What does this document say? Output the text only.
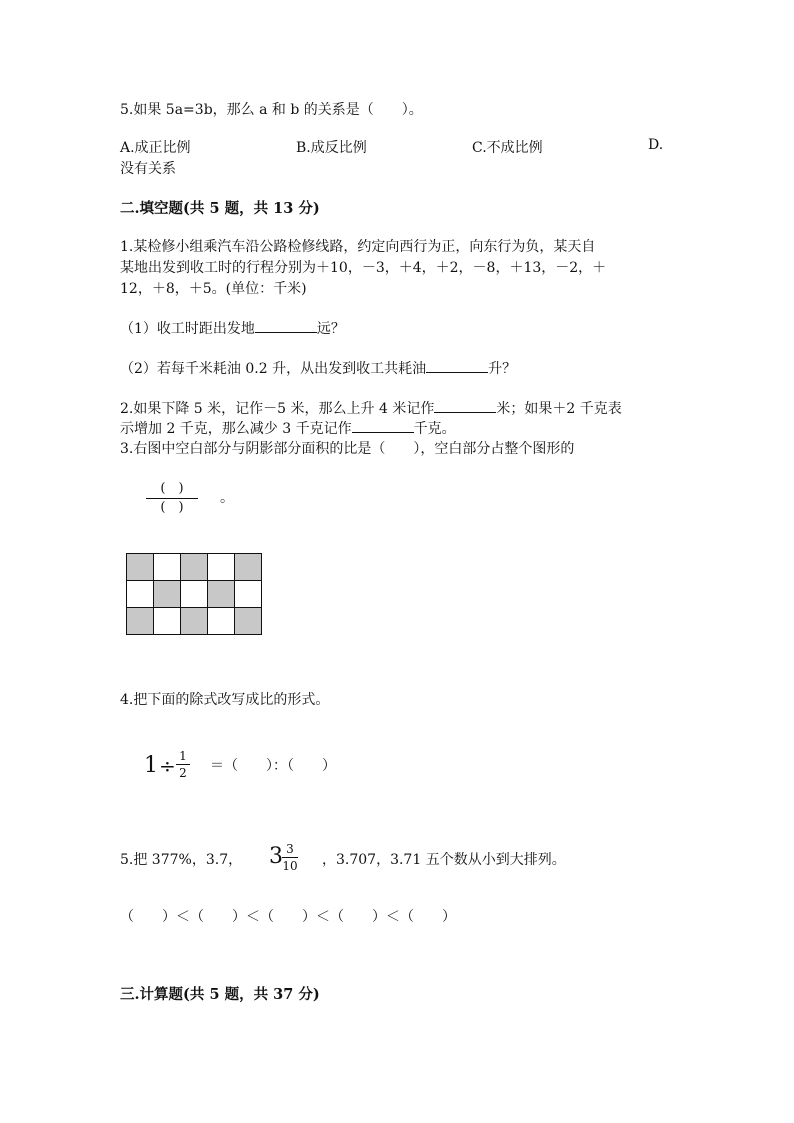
5.如果 5a=3b，那么 a 和 b 的关系是（　　）。
A.成正比例	B.成反比例	C.不成比例	D.
没有关系
二.填空题(共 5 题，共 13 分)
1.某检修小组乘汽车沿公路检修线路，约定向西行为正，向东行为负，某天自
某地出发到收工时的行程分别为＋10，－3，＋4，＋2，－8，＋13，－2，＋
12，＋8，＋5。(单位：千米)
（1）收工时距出发地	远？
（2）若每千米耗油 0.2 升，从出发到收工共耗油	升？
2.如果下降 5 米，记作－5 米，那么上升 4 米记作	米；如果＋2 千克表
示增加 2 千克，那么减少 3 千克记作	千克。
3.右图中空白部分与阴影部分面积的比是（　　），空白部分占整个图形的
(　)
(　)
。

4.把下面的除式改写成比的形式。
1 ÷ 1
2 ＝（　　）：（　　）
5.把 377%，3.7， 3 3
10 ，3.707，3.71 五个数从小到大排列。
（　　）＜（　　）＜（　　）＜（　　）＜（　　）
三.计算题(共 5 题，共 37 分)
